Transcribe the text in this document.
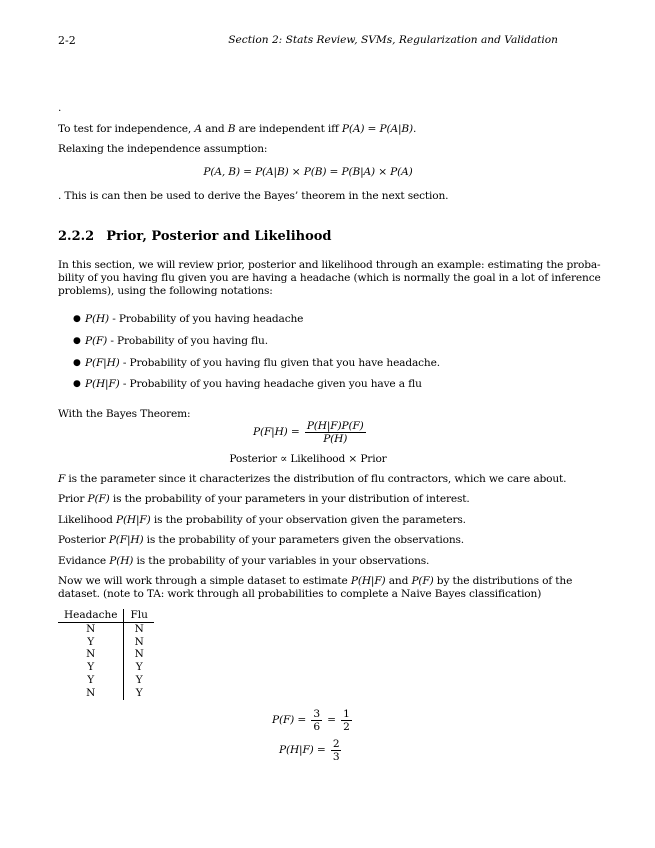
2-2	Section 2: Stats Review, SVMs, Regularization and Validation
.
To test for independence, A and B are independent iff P(A) = P(A|B).
Relaxing the independence assumption:
P(A, B) = P(A|B) × P(B) = P(B|A) × P(A)
. This is can then be used to derive the Bayes’ theorem in the next section.
2.2.2 Prior, Posterior and Likelihood
In this section, we will review prior, posterior and likelihood through an example: estimating the proba-
bility of you having flu given you are having a headache (which is normally the goal in a lot of inference
problems), using the following notations:
● P(H) - Probability of you having headache
● P(F) - Probability of you having flu.
● P(F|H) - Probability of you having flu given that you have headache.
● P(H|F) - Probability of you having headache given you have a flu
With the Bayes Theorem:
$P(F|H) = \frac{P(H|F)P(F)}{P(H)}$
Posterior ∝ Likelihood × Prior
F is the parameter since it characterizes the distribution of flu contractors, which we care about.
Prior P(F) is the probability of your parameters in your distribution of interest.
Likelihood P(H|F) is the probability of your observation given the parameters.
Posterior P(F|H) is the probability of your parameters given the observations.
Evidance P(H) is the probability of your variables in your observations.
Now we will work through a simple dataset to estimate P(H|F) and P(F) by the distributions of the
dataset. (note to TA: work through all probabilities to complete a Naive Bayes classification)
Headache	Flu
N	N
Y	N
N	N
Y	Y
Y	Y
N	Y
$P(F) = \frac{3}{6} = \frac{1}{2}$
$P(H|F) = \frac{2}{3}$
